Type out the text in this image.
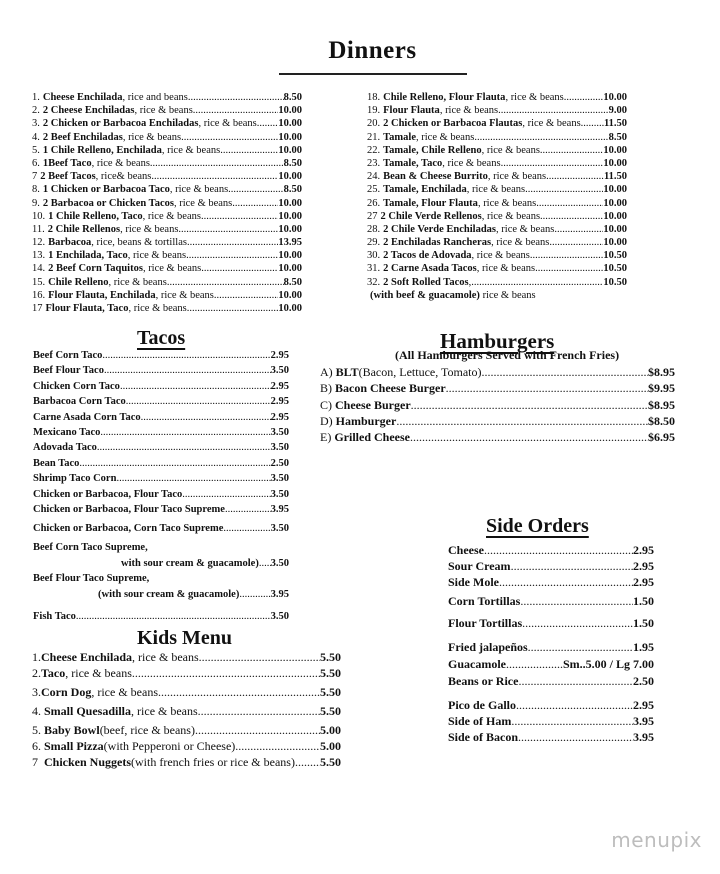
Dinners
1. Cheese Enchilada , rice and beans .....	8.50
2. 2 Cheese Enchiladas , rice & beans .....	10.00
3. 2 Chicken or Barbacoa Enchiladas , rice & beans ..... 10.00
4. 2 Beef Enchiladas , rice & beans .....	10.00
5. 1 Chile Relleno, Enchilada , rice & beans .....	10.00
6. 1Beef Taco , rice & beans .....	8.50
7 2 Beef Tacos , rice& beans .....	10.00
8. 1 Chicken or Barbacoa Taco , rice & beans .....	8.50
9. 2 Barbacoa or Chicken Tacos , rice & beans .....	10.00
10. 1 Chile Relleno, Taco , rice & beans .....	10.00
11. 2 Chile Rellenos , rice & beans .....	10.00
12. Barbacoa , rice, beans & tortillas .....	13.95
13. 1 Enchilada, Taco , rice & beans .....	10.00
14. 2 Beef Corn Taquitos , rice & beans .....	10.00
15. Chile Relleno , rice & beans .....	8.50
16. Flour Flauta, Enchilada , rice & beans .....	10.00
17 Flour Flauta, Taco , rice & beans .....	10.00
18. Chile Relleno, Flour Flauta , rice & beans .....	10.00
19. Flour Flauta , rice & beans .....	9.00
20. 2 Chicken or Barbacoa Flautas , rice & beans ..... 11.50
21. Tamale , rice & beans .....	8.50
22. Tamale, Chile Relleno , rice & beans .....	10.00
23. Tamale, Taco , rice & beans .....	10.00
24. Bean & Cheese Burrito , rice & beans .....	11.50
25. Tamale, Enchilada , rice & beans .....	10.00
26. Tamale, Flour Flauta , rice & beans .....	10.00
27 2 Chile Verde Rellenos , rice & beans .....	10.00
28. 2 Chile Verde Enchiladas , rice & beans .....	10.00
29. 2 Enchiladas Rancheras , rice & beans .....	10.00
30. 2 Tacos de Adovada , rice & beans .....	10.50
31. 2 Carne Asada Tacos , rice & beans .....	10.50
32. 2 Soft Rolled Tacos , .....	10.50
(with beef & guacamole) rice & beans
Tacos
Beef Corn Taco .....	2.95
Beef Flour Taco .....	3.50
Chicken Corn Taco .....	2.95
Barbacoa Corn Taco .....	2.95
Carne Asada Corn Taco .....	2.95
Mexicano Taco .....	3.50
Adovada Taco .....	3.50
Bean Taco .....	2.50
Shrimp Taco Corn .....	3.50
Chicken or Barbacoa, Flour Taco .....	3.50
Chicken or Barbacoa, Flour Taco Supreme .....	3.95
Chicken or Barbacoa, Corn Taco Supreme .....	3.50
Beef Corn Taco Supreme,
with sour cream & guacamole) ..... 3.50
Beef Flour Taco Supreme,
(with sour cream & guacamole) .....	3.95
Fish Taco .....	3.50
Kids Menu
1. Cheese Enchilada , rice & beans .....	5.50
2. Taco , rice & beans .....	5.50
3. Corn Dog , rice & beans .....	5.50
4. Small Quesadilla , rice & beans .....	5.50
5. Baby Bowl (beef, rice & beans) .....	5.00
6. Small Pizza (with Pepperoni or Cheese) .....	5.00
7 Chicken Nuggets (with french fries or rice & beans) ..... 5.50
Hamburgers
(All Hamburgers Served with French Fries)
A) BLT (Bacon, Lettuce, Tomato) .....	$8.95
B) Bacon Cheese Burger .....	$9.95
C) Cheese Burger .....	$8.95
D) Hamburger .....	$8.50
E) Grilled Cheese .....	$6.95
Side Orders
Cheese .....	2.95
Sour Cream .....	2.95
Side Mole .....	2.95
Corn Tortillas .....	1.50
Flour Tortillas .....	1.50
Fried jalapeños .....	1.95
Guacamole .....	Sm..5.00 / Lg 7.00
Beans or Rice .....	2.50
Pico de Gallo .....	2.95
Side of Ham .....	3.95
Side of Bacon .....	3.95
menupix
